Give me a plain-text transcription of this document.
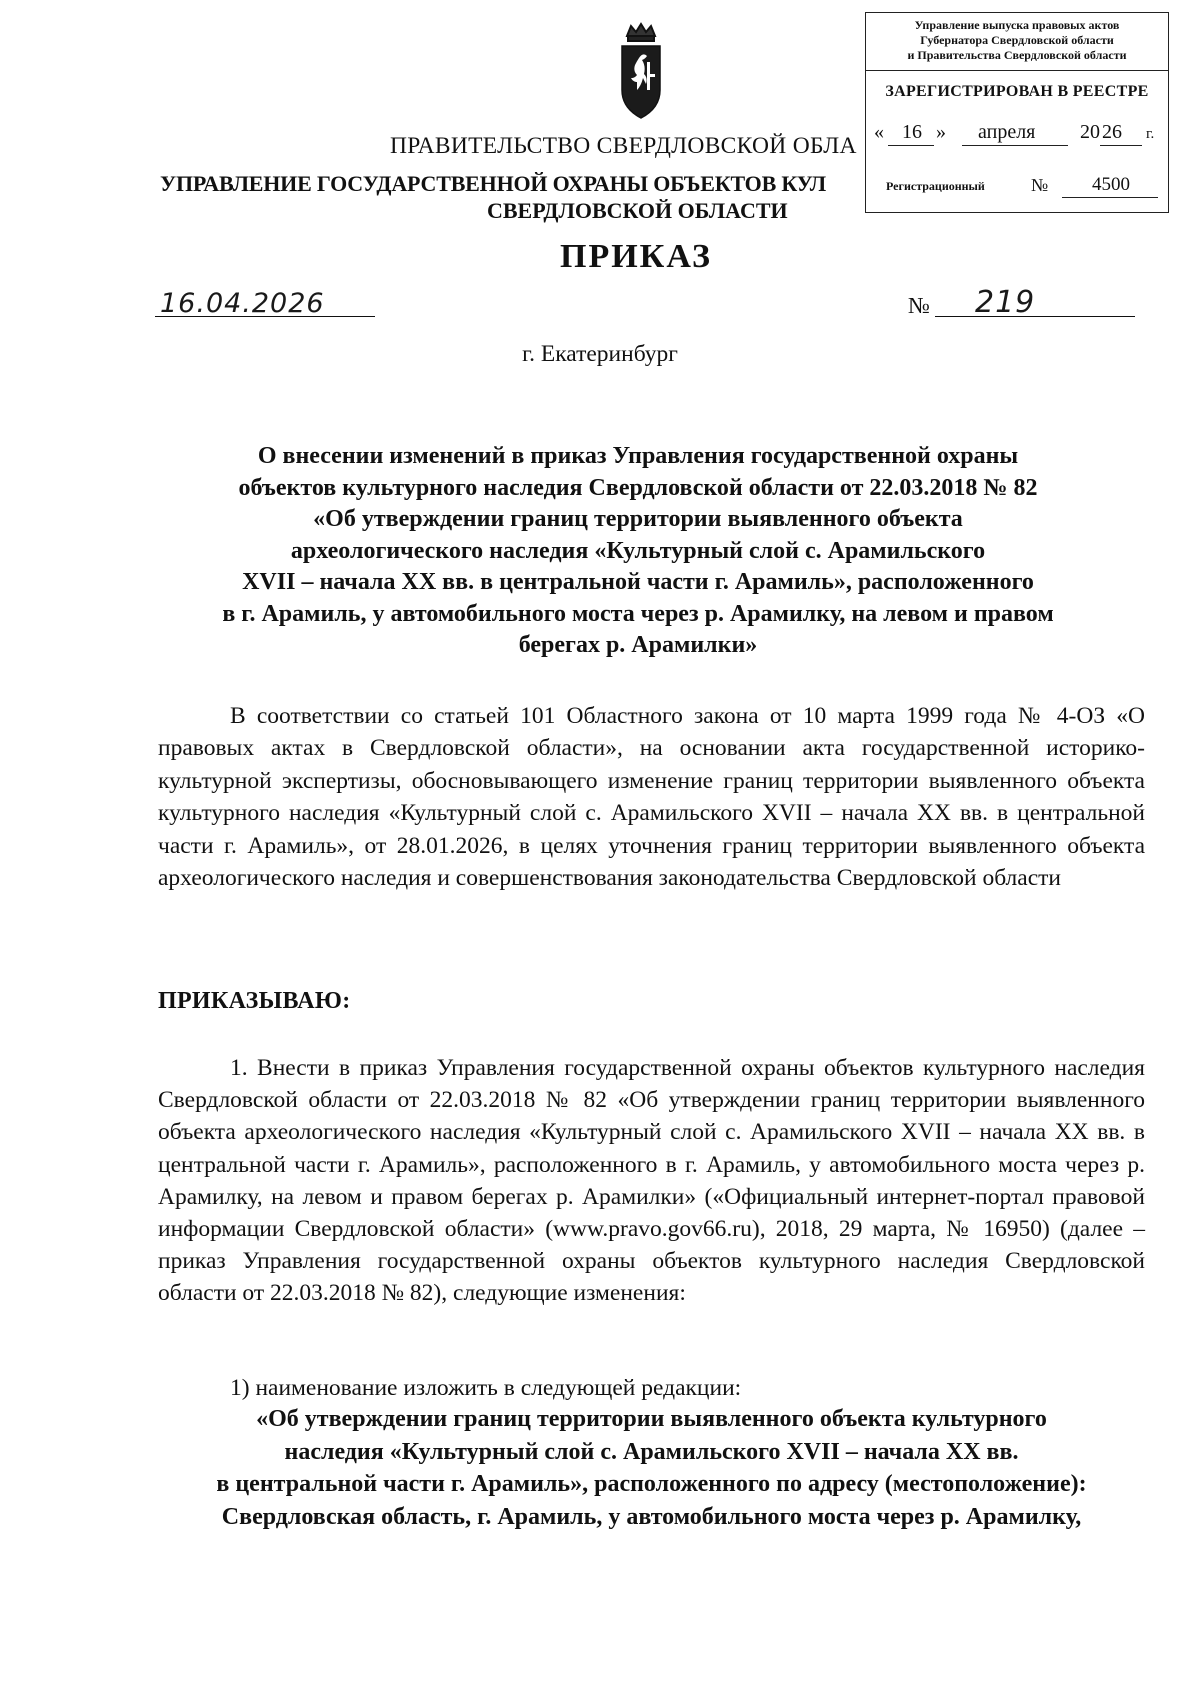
Управление выпуска правовых актов
Губернатора Свердловской области
и Правительства Свердловской области
ЗАРЕГИСТРИРОВАН В РЕЕСТРЕ
« 16 » апреля 20 26 г.
Регистрационный	№	4500
ПРАВИТЕЛЬСТВО СВЕРДЛОВСКОЙ ОБЛА
УПРАВЛЕНИЕ ГОСУДАРСТВЕННОЙ ОХРАНЫ ОБЪЕКТОВ КУЛ
СВЕРДЛОВСКОЙ ОБЛАСТИ
ПРИКАЗ
16.04.2026	№ 219
г. Екатеринбург
О внесении изменений в приказ Управления государственной охраны
объектов культурного наследия Свердловской области от 22.03.2018 № 82
«Об утверждении границ территории выявленного объекта
археологического наследия «Культурный слой с. Арамильского
XVII – начала XX вв. в центральной части г. Арамиль», расположенного
в г. Арамиль, у автомобильного моста через р. Арамилку, на левом и правом
берегах р. Арамилки»
В соответствии со статьей 101 Областного закона от 10 марта 1999 года № 4-ОЗ «О правовых актах в Свердловской области», на основании акта государственной историко-культурной экспертизы, обосновывающего изменение границ территории выявленного объекта культурного наследия «Культурный слой с. Арамильского XVII – начала XX вв. в центральной части г. Арамиль», от 28.01.2026, в целях уточнения границ территории выявленного объекта археологического наследия и совершенствования законодательства Свердловской области
ПРИКАЗЫВАЮ:
1. Внести в приказ Управления государственной охраны объектов культурного наследия Свердловской области от 22.03.2018 № 82 «Об утверждении границ территории выявленного объекта археологического наследия «Культурный слой с. Арамильского XVII – начала XX вв. в центральной части г. Арамиль», расположенного в г. Арамиль, у автомобильного моста через р. Арамилку, на левом и правом берегах р. Арамилки» («Официальный интернет-портал правовой информации Свердловской области» (www.pravo.gov66.ru), 2018, 29 марта, № 16950) (далее – приказ Управления государственной охраны объектов культурного наследия Свердловской области от 22.03.2018 № 82), следующие изменения:
1) наименование изложить в следующей редакции:
«Об утверждении границ территории выявленного объекта культурного
наследия «Культурный слой с. Арамильского XVII – начала XX вв.
в центральной части г. Арамиль», расположенного по адресу (местоположение):
Свердловская область, г. Арамиль, у автомобильного моста через р. Арамилку,
